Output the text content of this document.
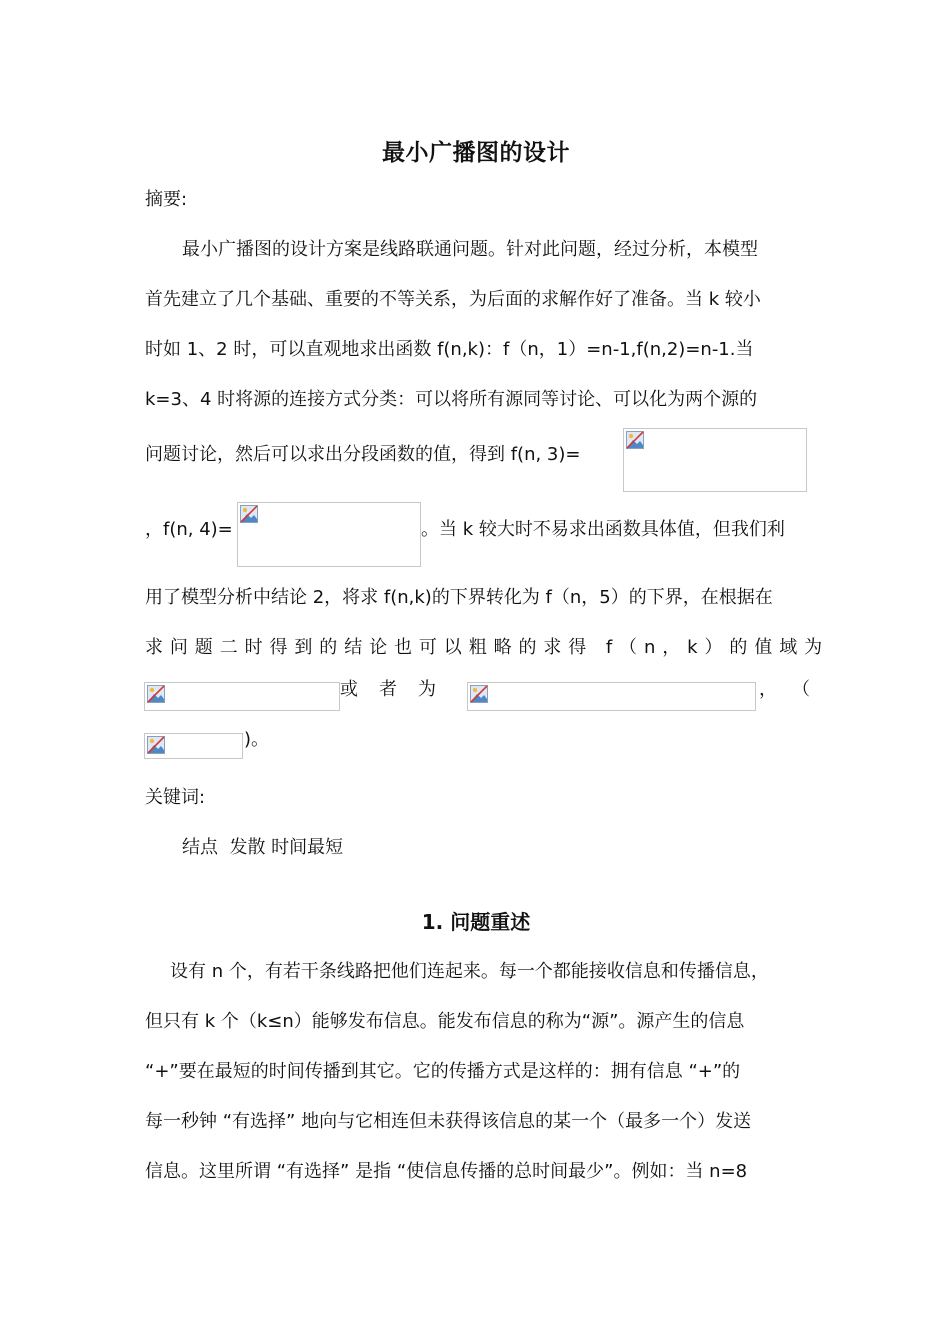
最小广播图的设计
摘要:
最小广播图的设计方案是线路联通问题。针对此问题，经过分析，本模型
首先建立了几个基础、重要的不等关系，为后面的求解作好了准备。当 k 较小
时如 1、2 时，可以直观地求出函数 f(n,k)：f（n，1）=n-1,f(n,2)=n-1.当
k=3、4 时将源的连接方式分类：可以将所有源同等讨论、可以化为两个源的
问题讨论，然后可以求出分段函数的值，得到 f(n, 3)=
，f(n, 4)=	。当 k 较大时不易求出函数具体值，但我们利
用了模型分析中结论 2，将求 f(n,k)的下界转化为 f（n，5）的下界，在根据在
求问题二时得到的结论也可以粗略的求得 f（n，k）的值域为
或者为	，（
)。
关键词:
结点  发散 时间最短
1. 问题重述
设有 n 个，有若干条线路把他们连起来。每一个都能接收信息和传播信息，
但只有 k 个（k≤n）能够发布信息。能发布信息的称为“源”。源产生的信息
“+”要在最短的时间传播到其它。它的传播方式是这样的：拥有信息 “+”的
每一秒钟 “有选择” 地向与它相连但未获得该信息的某一个（最多一个）发送
信息。这里所谓 “有选择” 是指 “使信息传播的总时间最少”。例如：当 n=8
